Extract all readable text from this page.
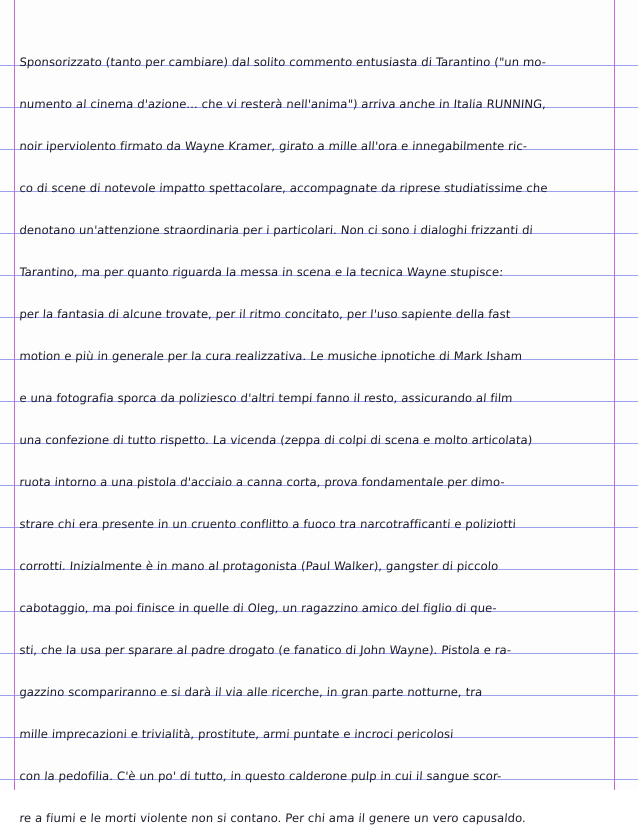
Sponsorizzato (tanto per cambiare) dal solito commento entusiasta di Tarantino ("un mo-
numento al cinema d'azione... che vi resterà nell'anima") arriva anche in Italia RUNNING,
noir iperviolento firmato da Wayne Kramer, girato a mille all'ora e innegabilmente ric-
co di scene di notevole impatto spettacolare, accompagnate da riprese studiatissime che
denotano un'attenzione straordinaria per i particolari. Non ci sono i dialoghi frizzanti di
Tarantino, ma per quanto riguarda la messa in scena e la tecnica Wayne stupisce:
per la fantasia di alcune trovate, per il ritmo concitato, per l'uso sapiente della fast
motion e più in generale per la cura realizzativa. Le musiche ipnotiche di Mark Isham
e una fotografia sporca da poliziesco d'altri tempi fanno il resto, assicurando al film
una confezione di tutto rispetto. La vicenda (zeppa di colpi di scena e molto articolata)
ruota intorno a una pistola d'acciaio a canna corta, prova fondamentale per dimo-
strare chi era presente in un cruento conflitto a fuoco tra narcotrafficanti e poliziotti
corrotti. Inizialmente è in mano al protagonista (Paul Walker), gangster di piccolo
cabotaggio, ma poi finisce in quelle di Oleg, un ragazzino amico del figlio di que-
sti, che la usa per sparare al padre drogato (e fanatico di John Wayne). Pistola e ra-
gazzino scompariranno e si darà il via alle ricerche, in gran parte notturne, tra
mille imprecazioni e trivialità, prostitute, armi puntate e incroci pericolosi
con la pedofilia. C'è un po' di tutto, in questo calderone pulp in cui il sangue scor-
re a fiumi e le morti violente non si contano. Per chi ama il genere un vero capusaldo.
